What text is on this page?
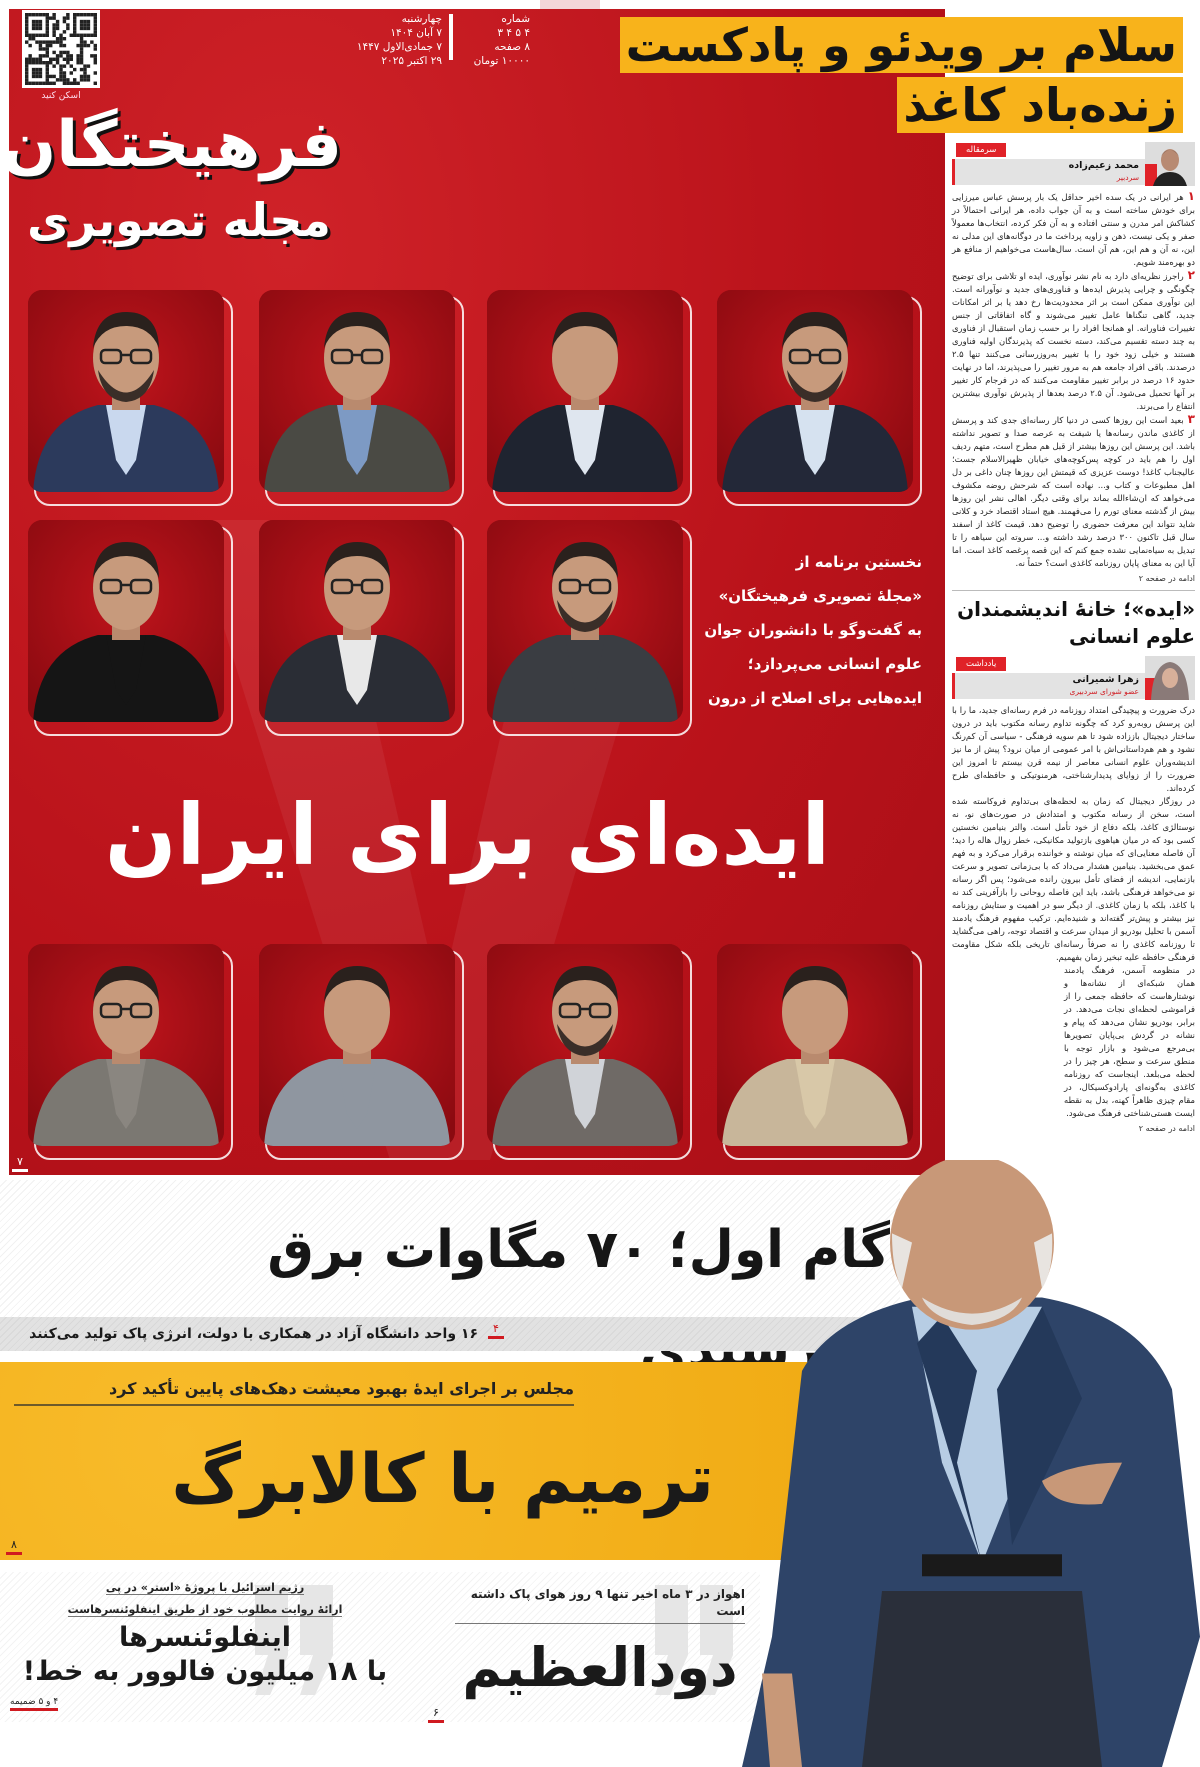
اسکن کنید
فرهیختگان
مجله تصویری
شماره
۴ ۵ ۴ ۳
۸ صفحه
۱۰۰۰۰ تومان
چهارشنبه
۷ آبان ۱۴۰۴
۷ جمادی‌الاول ۱۴۴۷
۲۹ اکتبر ۲۰۲۵	سلام بر ویدئو و پادکست
زنده‌باد کاغذ
نخستین برنامه از
«مجلهٔ تصویری فرهیختگان»
به گفت‌وگو با دانشوران جوان
علوم انسانی می‌پردازد؛
ایده‌هایی برای اصلاح از درون
ایده‌ای برای ایران
۷
محمد زعیم‌زاده
سردبیر
سرمقاله

۱هر ایرانی در یک سده اخیر حداقل یک بار پرسش عباس میرزایی برای خودش ساخته است و به آن جواب داده، هر ایرانی احتمالاً در کشاکش امر مدرن و سنتی افتاده و به آن فکر کرده، انتخاب‌ها معمولاً صفر و یکی نیست، ذهن و زاویه پرداخت ما در دوگانه‌های این مدلی نه این، نه آن و هم این، هم آن است. سال‌هاست می‌خواهیم از منافع هر دو بهره‌مند شویم.

۲راجرز نظریه‌ای دارد به نام نشر نوآوری، ایده او تلاشی برای توضیح چگونگی و چرایی پذیرش ایده‌ها و فناوری‌های جدید و نوآورانه است. این نوآوری ممکن است بر اثر محدودیت‌ها رخ دهد یا بر اثر امکانات جدید، گاهی تنگناها عامل تغییر می‌شوند و گاه اتفاقاتی از جنس تغییرات فناورانه. او همانجا افراد را بر حسب زمان استقبال از فناوری به چند دسته تقسیم می‌کند، دسته نخست که پذیرندگان اولیه فناوری هستند و خیلی زود خود را با تغییر به‌روزرسانی می‌کنند تنها ۲.۵ درصدند. باقی افراد جامعه هم به مرور تغییر را می‌پذیرند، اما در نهایت حدود ۱۶ درصد در برابر تغییر مقاومت می‌کنند که در فرجام کار تغییر بر آنها تحمیل می‌شود. آن ۲.۵ درصد بعدها از پذیرش نوآوری بیشترین انتفاع را می‌برند.

۳بعید است این روزها کسی در دنیا کار رسانه‌ای جدی کند و پرسش از کاغذی ماندن رسانه‌ها یا شیفت به عرصه صدا و تصویر نداشته باشد. این پرسش این روزها بیشتر از قبل هم مطرح است، متهم ردیف اول را هم باید در کوچه پس‌کوچه‌های خیابان ظهیرالاسلام جست؛ عالیجناب کاغذ! دوست عزیزی که قیمتش این روزها چنان داغی بر دل اهل مطبوعات و کتاب و... نهاده است که شرحش روضه مکشوف می‌خواهد که ان‌شاءالله بماند برای وقتی دیگر. اهالی نشر این روزها بیش از گذشته معنای تورم را می‌فهمند. هیچ استاد اقتصاد خرد و کلانی شاید نتواند این معرفت حضوری را توضیح دهد. قیمت کاغذ از اسفند سال قبل تاکنون ۳۰۰ درصد رشد داشته و... سروته این سیاهه را تا تبدیل به سیاه‌نمایی نشده جمع کنم که این قصه پرغصه کاغذ است. اما آیا این به معنای پایان روزنامه کاغذی است؟ حتماً نه.

ادامه در صفحه ۲
«ایده»؛ خانهٔ اندیشمندان علوم انسانی
زهرا شمیرانی
عضو شورای سردبیری
یادداشت

درک ضرورت و پیچیدگی امتداد روزنامه در فرم رسانه‌ای جدید، ما را با این پرسش روبه‌رو کرد که چگونه تداوم رسانه مکتوب باید در درون ساختار دیجیتال باززاده شود تا هم سویه فرهنگی - سیاسی آن کم‌رنگ نشود و هم هم‌داستانی‌اش با امر عمومی از میان نرود؟ پیش از ما نیز اندیشه‌وران علوم انسانی معاصر از نیمه قرن بیستم تا امروز این ضرورت را از زوایای پدیدارشناختی، هرمنوتیکی و حافظه‌ای طرح کرده‌اند.

در روزگار دیجیتال که زمان به لحظه‌های بی‌تداوم فروکاسته شده است، سخن از رسانه مکتوب و امتدادش در صورت‌های نو، نه نوستالژی کاغذ، بلکه دفاع از خود تأمل است. والتر بنیامین نخستین کسی بود که در میان هیاهوی بازتولید مکانیکی، خطر زوال هاله را دید؛ آن فاصله معنایی‌ای که میان نوشته و خواننده برقرار می‌کرد و به فهم عمق می‌بخشید. بنیامین هشدار می‌داد که با بی‌زمانی تصویر و سرعت بازنمایی، اندیشه از فضای تأمل بیرون رانده می‌شود؛ پس اگر رسانه نو می‌خواهد فرهنگی باشد، باید این فاصله روحانی را بازآفرینی کند نه با کاغذ، بلکه با زمان کاغذی. از دیگر سو در اهمیت و ستایش روزنامه نیز بیشتر و پیش‌تر گفته‌اند و شنیده‌ایم. ترکیب مفهوم فرهنگ یادمند آسمن با تحلیل بودریو از میدان سرعت و اقتصاد توجه، راهی می‌گشاید تا روزنامه کاغذی را نه صرفاً رسانه‌ای تاریخی بلکه شکل مقاومت فرهنگی حافظه علیه تبخیر زمان بفهمیم.

در منظومه آسمن، فرهنگ یادمند همان شبکه‌ای از نشانه‌ها و نوشتارهاست که حافظه جمعی را از فراموشی لحظه‌ای نجات می‌دهد. در برابر، بودریو نشان می‌دهد که پیام و نشانه در گردش بی‌پایان تصویرها بی‌مرجع می‌شود و بازار توجه با منطق سرعت و سطح، هر چیز را در لحظه می‌بلعد. اینجاست که روزنامه کاغذی به‌گونه‌ای پارادوکسیکال، در مقام چیزی ظاهراً کهنه، بدل به نقطه ایست هستی‌شناختی فرهنگ می‌شود.

ادامه در صفحه ۲
گام اول؛ ۷۰ مگاوات برق
۱۶ واحد دانشگاه آزاد در همکاری با دولت، انرژی پاک تولید می‌کنند	۴
مجلس بر اجرای ایدهٔ بهبود معیشت دهک‌های پایین تأکید کرد
ترمیم با کالابرگ
۸
رژیم اسرائیل با پروژهٔ «استر» در پی
ارائهٔ روایت مطلوب خود از طریق اینفلوئنسرهاست
اینفلوئنسرها
با ۱۸ میلیون فالوور به خط!
۴ و ۵ ضمیمه
اهواز در ۳ ماه اخیر تنها ۹ روز هوای پاک داشته است
دودالعظیم
۶
